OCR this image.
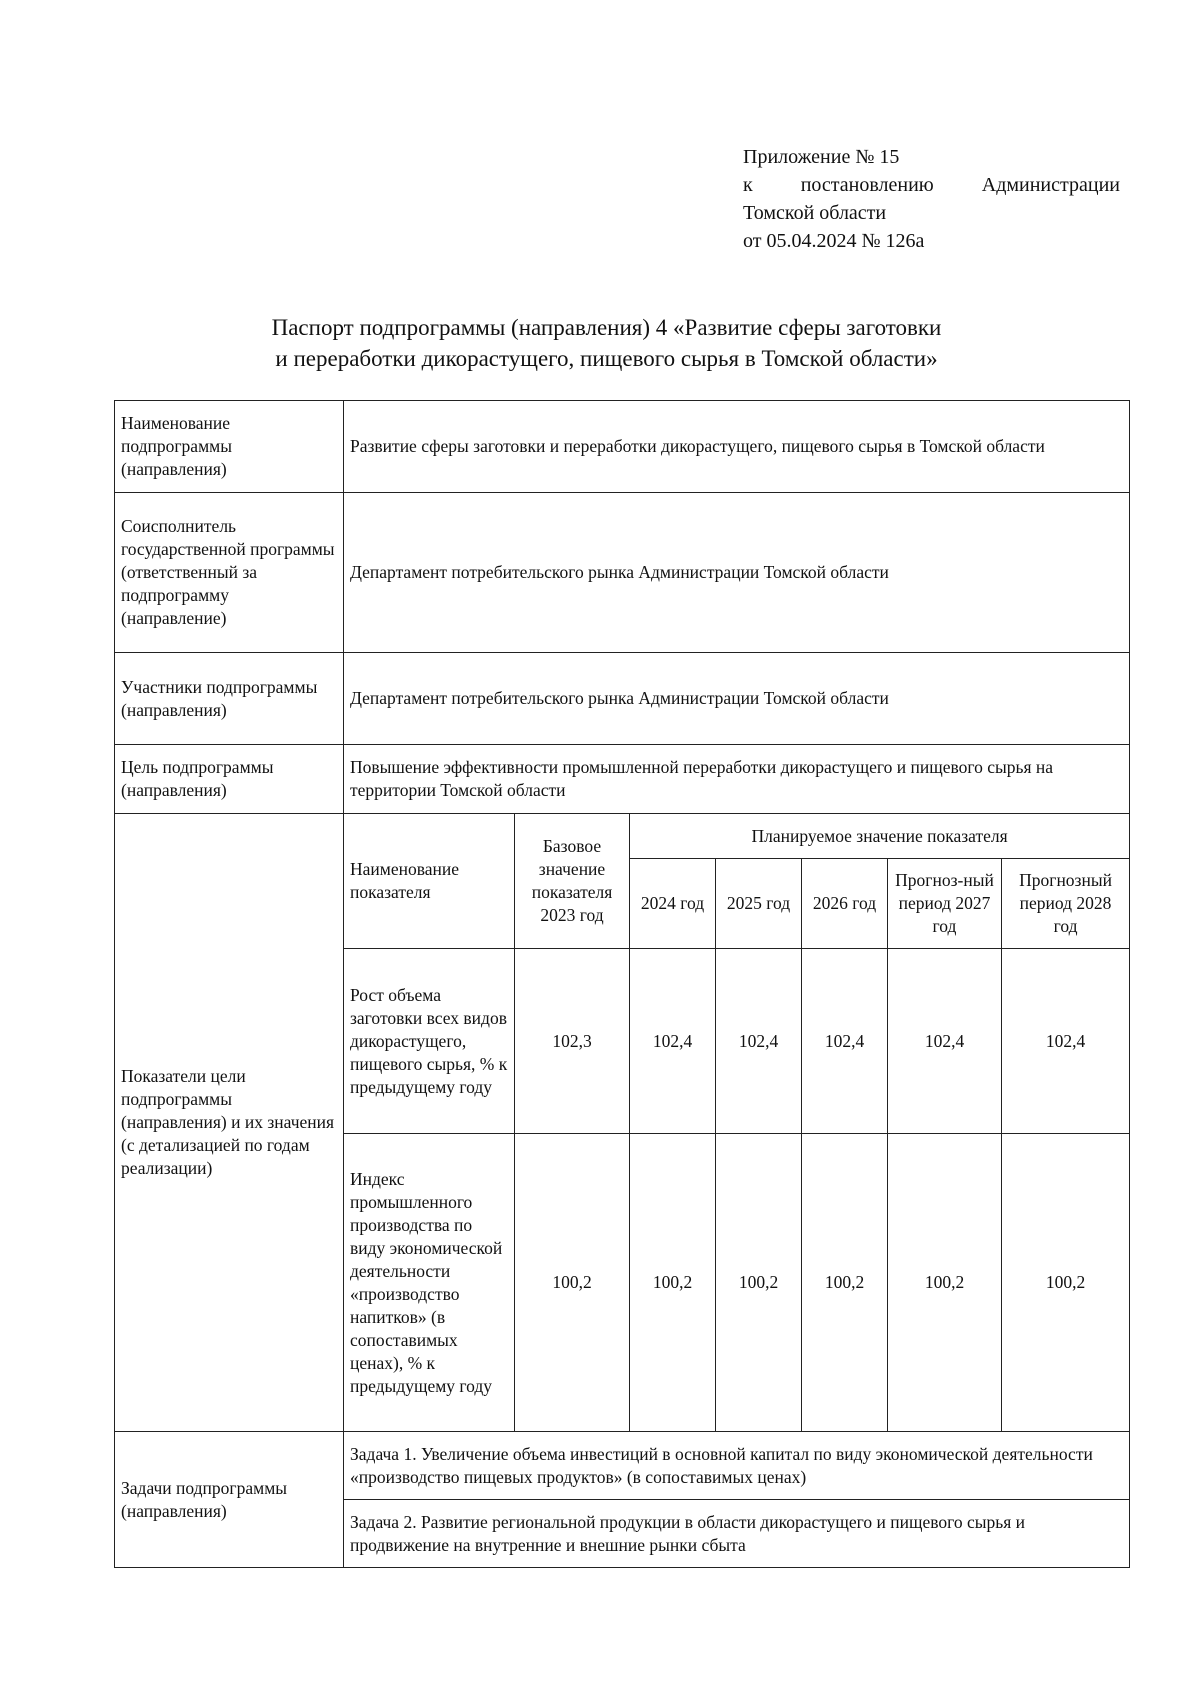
Приложение № 15
к постановлению Администрации
Томской области
от 05.04.2024 № 126а
Паспорт подпрограммы (направления) 4 «Развитие сферы заготовки
и переработки дикорастущего, пищевого сырья в Томской области»
Наименование подпрограммы (направления)	Развитие сферы заготовки и переработки дикорастущего, пищевого сырья в Томской области						
Соисполнитель государственной программы (ответственный за подпрограмму (направление)	Департамент потребительского рынка Администрации Томской области						
Участники подпрограммы (направления)	Департамент потребительского рынка Администрации Томской области						
Цель подпрограммы (направления)	Повышение эффективности промышленной переработки дикорастущего и пищевого сырья на территории Томской области						
Показатели цели подпрограммы (направления) и их значения (с детализацией по годам реализации)	Наименование показателя	Базовое значение показателя 2023 год	Планируемое значение показателя				
			2024 год	2025 год	2026 год	Прогноз-ный период 2027 год	Прогнозный период 2028 год
	Рост объема заготовки всех видов дикорастущего, пищевого сырья, % к предыдущему году	102,3	102,4	102,4	102,4	102,4	102,4
	Индекс промышленного производства по виду экономической деятельности «производство напитков» (в сопоставимых ценах), % к предыдущему году	100,2	100,2	100,2	100,2	100,2	100,2

Задачи подпрограммы (направления)	Задача 1. Увеличение объема инвестиций в основной капитал по виду экономической деятельности «производство пищевых продуктов» (в сопоставимых ценах)						
	Задача 2. Развитие региональной продукции в области дикорастущего и пищевого сырья и продвижение на внутренние и внешние рынки сбыта						
